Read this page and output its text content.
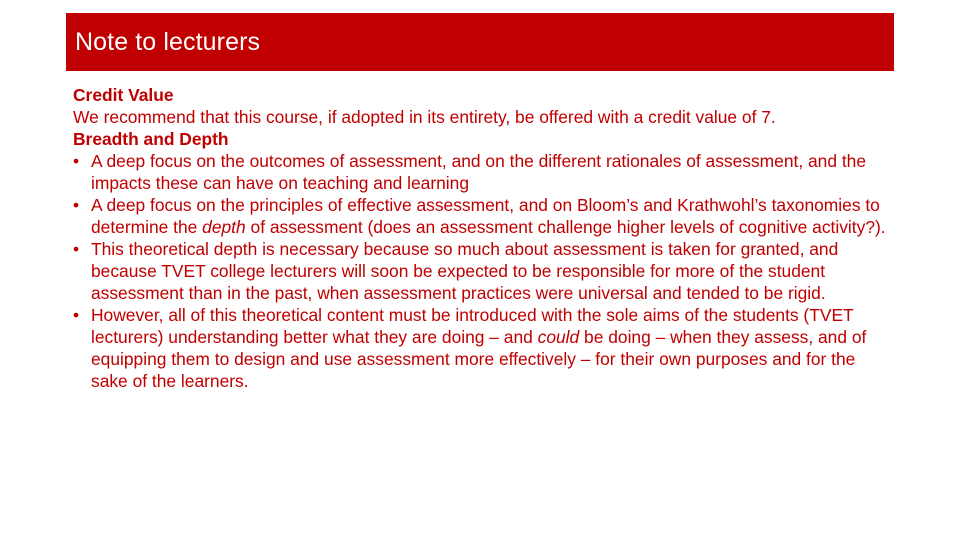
Note to lecturers

Credit Value

We recommend that this course, if adopted in its entirety, be offered with a credit value of 7.

Breadth and Depth

• A deep focus on the outcomes of assessment, and on the different rationales of assessment, and the impacts these can have on teaching and learning
• A deep focus on the principles of effective assessment, and on Bloom’s and Krathwohl’s taxonomies to determine the depth of assessment (does an assessment challenge higher levels of cognitive activity?).
• This theoretical depth is necessary because so much about assessment is taken for granted, and because TVET college lecturers will soon be expected to be responsible for more of the student assessment than in the past, when assessment practices were universal and tended to be rigid.
• However, all of this theoretical content must be introduced with the sole aims of the students (TVET lecturers) understanding better what they are doing – and could be doing – when they assess, and of equipping them to design and use assessment more effectively – for their own purposes and for the sake of the learners.
